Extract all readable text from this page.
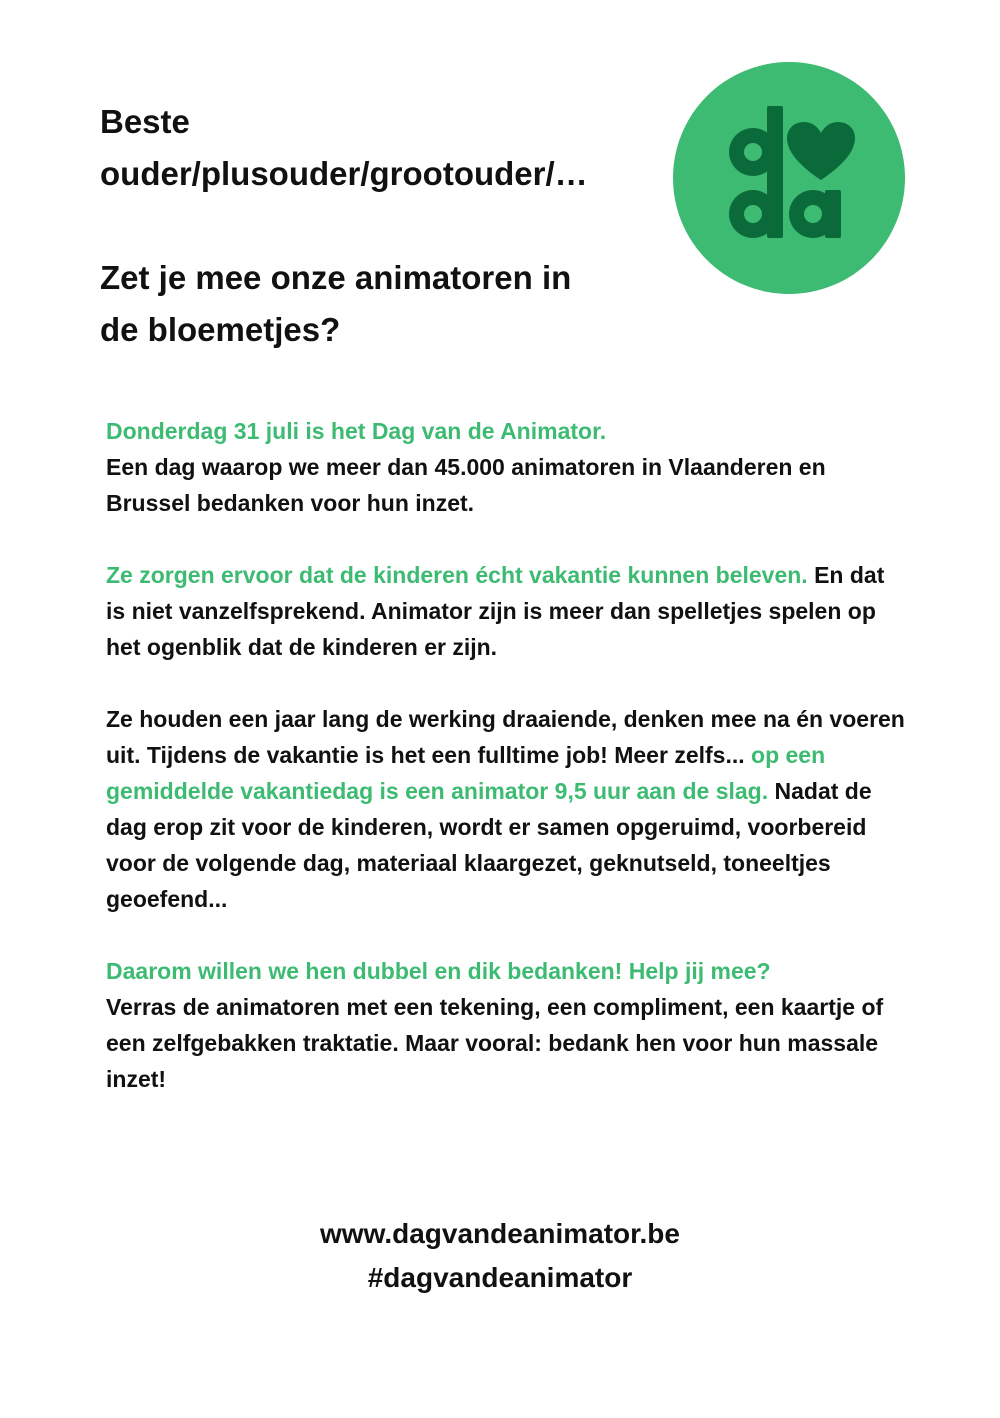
Beste
ouder/plusouder/grootouder/…
Zet je mee onze animatoren in
de bloemetjes?

Donderdag 31 juli is het Dag van de Animator.
Een dag waarop we meer dan 45.000 animatoren in Vlaanderen en Brussel bedanken voor hun inzet.

Ze zorgen ervoor dat de kinderen écht vakantie kunnen beleven. En dat is niet vanzelfsprekend. Animator zijn is meer dan spelletjes spelen op het ogenblik dat de kinderen er zijn.

Ze houden een jaar lang de werking draaiende, denken mee na én voeren uit. Tijdens de vakantie is het een fulltime job! Meer zelfs... op een gemiddelde vakantiedag is een animator 9,5 uur aan de slag. Nadat de dag erop zit voor de kinderen, wordt er samen opgeruimd, voorbereid voor de volgende dag, materiaal klaargezet, geknutseld, toneeltjes geoefend...

Daarom willen we hen dubbel en dik bedanken! Help jij mee?
Verras de animatoren met een tekening, een compliment, een kaartje of een zelfgebakken traktatie. Maar vooral: bedank hen voor hun massale inzet!

www.dagvandeanimator.be
#dagvandeanimator
